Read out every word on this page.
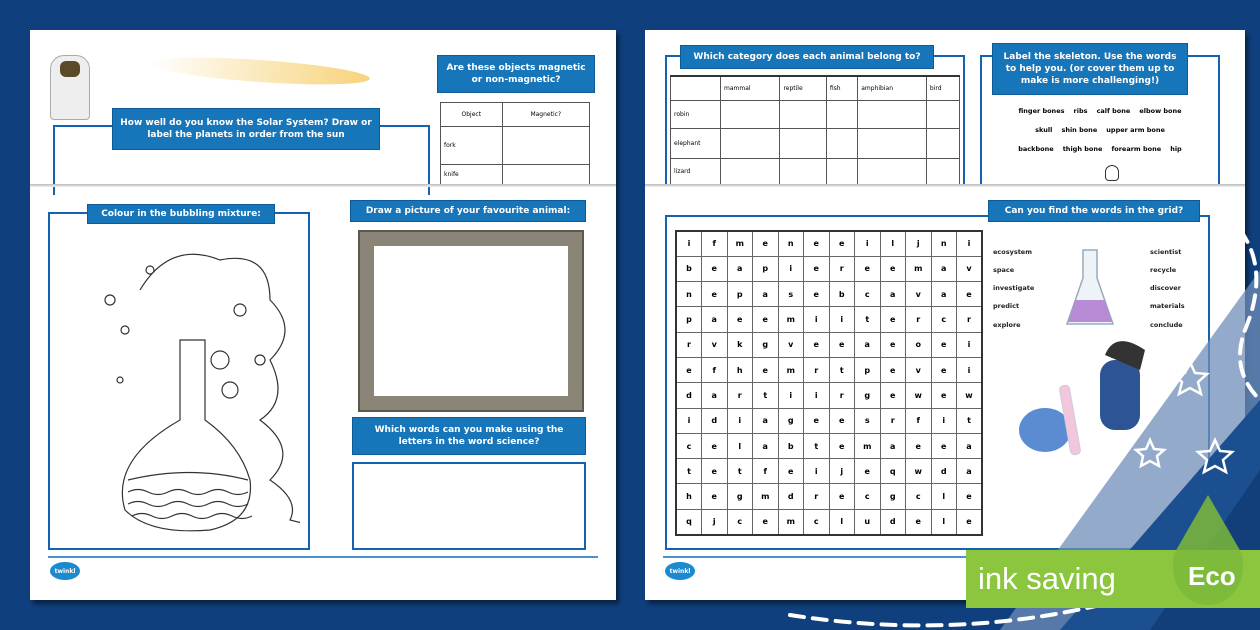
How well do you know the Solar System? Draw or label the planets in order from the sun
Are these objects magnetic or non-magnetic?
Object	Magnetic?
fork	
knife	
Colour in the bubbling mixture:	Draw a picture of your favourite animal:
Which words can you make using the letters in the word science?
twinkl
Which category does each animal belong to?
	mammal	reptile	fish	amphibian	bird
robin					
elephant					
lizard					
Label the skeleton. Use the words to help you. (or cover them up to make is more challenging!)
finger bones ribs calf bone elbow bone
skull shin bone upper arm bone
backbone thigh bone forearm bone hip
Can you find the words in the grid?
i	f	m	e	n	e	e	i	l	j	n	i
b	e	a	p	i	e	r	e	e	m	a	v
n	e	p	a	s	e	b	c	a	v	a	e
p	a	e	e	m	i	i	t	e	r	c	r
r	v	k	g	v	e	e	a	e	o	e	i
e	f	h	e	m	r	t	p	e	v	e	i
d	a	r	t	i	i	r	g	e	w	e	w
i	d	i	a	g	e	e	s	r	f	i	t
c	e	l	a	b	t	e	m	a	e	e	a
t	e	t	f	e	i	j	e	q	w	d	a
h	e	g	m	d	r	e	c	g	c	l	e
q	j	c	e	m	c	l	u	d	e	l	e
ecosystem
space
investigate
predict
explore
scientist
recycle
discover
materials
conclude
twinkl	ink saving	Eco
